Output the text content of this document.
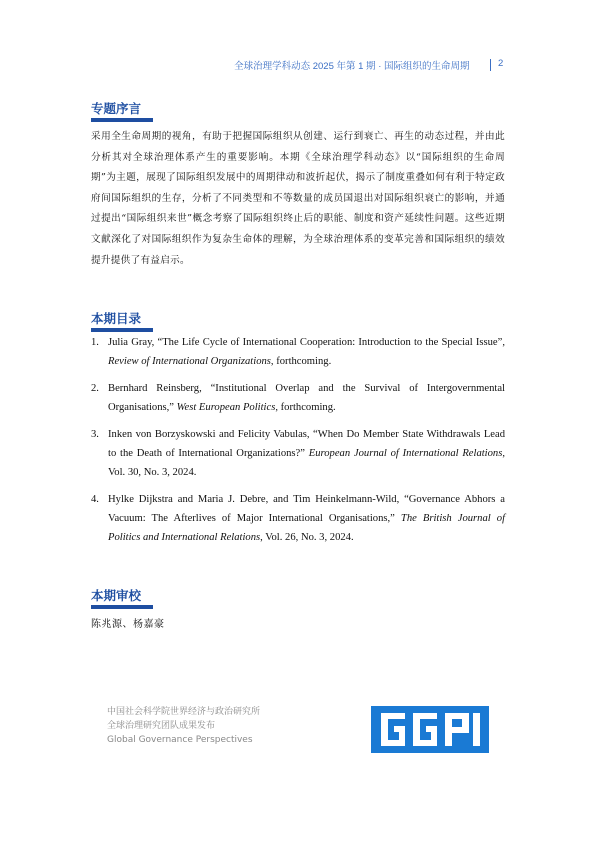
全球治理学科动态 2025 年第 1 期 · 国际组织的生命周期	2
专题序言

采用全生命周期的视角，有助于把握国际组织从创建、运行到衰亡、再生的动态过程，并由此分析其对全球治理体系产生的重要影响。本期《全球治理学科动态》以“国际组织的生命周期”为主题，展现了国际组织发展中的周期律动和波折起伏，揭示了制度重叠如何有利于特定政府间国际组织的生存，分析了不同类型和不等数量的成员国退出对国际组织衰亡的影响，并通过提出“国际组织来世”概念考察了国际组织终止后的职能、制度和资产延续性问题。这些近期文献深化了对国际组织作为复杂生命体的理解，为全球治理体系的变革完善和国际组织的绩效提升提供了有益启示。

本期目录
1. Julia Gray, “The Life Cycle of International Cooperation: Introduction to the Special Issue”, Review of International Organizations, forthcoming.
2. Bernhard Reinsberg, “Institutional Overlap and the Survival of Intergovernmental Organisations,” West European Politics, forthcoming.
3. Inken von Borzyskowski and Felicity Vabulas, “When Do Member State Withdrawals Lead to the Death of International Organizations?” European Journal of International Relations, Vol. 30, No. 3, 2024.
4. Hylke Dijkstra and Maria J. Debre, and Tim Heinkelmann-Wild, “Governance Abhors a Vacuum: The Afterlives of Major International Organisations,” The British Journal of Politics and International Relations, Vol. 26, No. 3, 2024.
本期审校
陈兆源、杨嘉豪
中国社会科学院世界经济与政治研究所
全球治理研究团队成果发布
Global Governance Perspectives
